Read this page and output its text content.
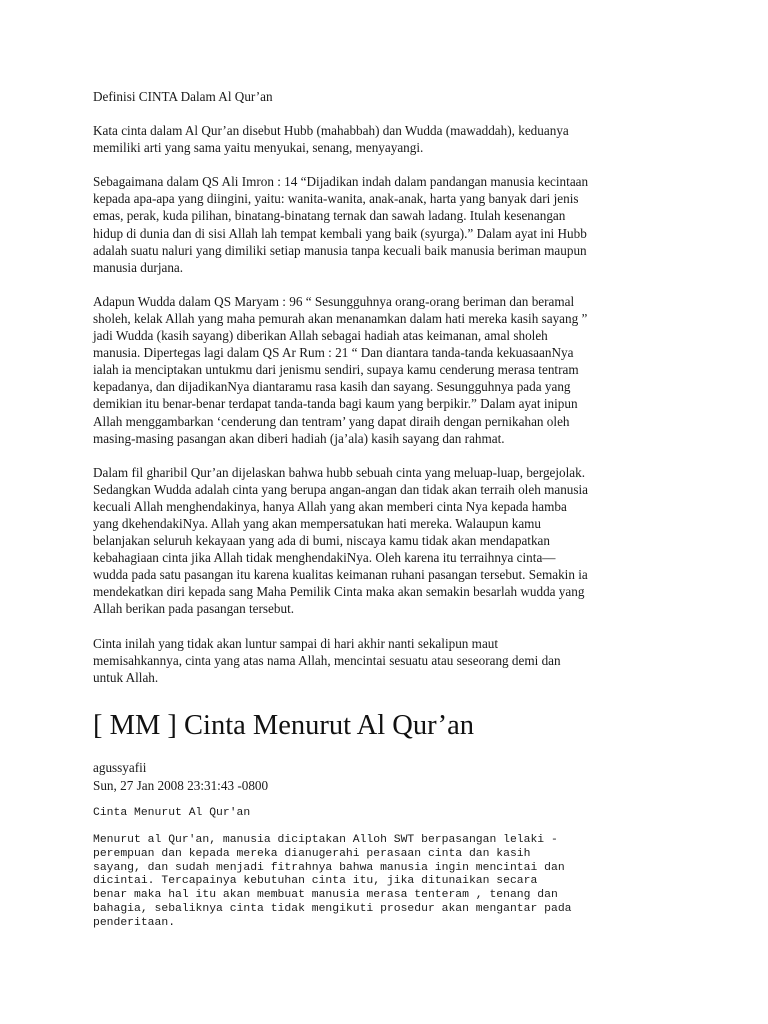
Definisi CINTA Dalam Al Qur’an

Kata cinta dalam Al Qur’an disebut Hubb (mahabbah) dan Wudda (mawaddah), keduanya
memiliki arti yang sama yaitu menyukai, senang, menyayangi.

Sebagaimana dalam QS Ali Imron : 14 “Dijadikan indah dalam pandangan manusia kecintaan
kepada apa-apa yang diingini, yaitu: wanita-wanita, anak-anak, harta yang banyak dari jenis
emas, perak, kuda pilihan, binatang-binatang ternak dan sawah ladang. Itulah kesenangan
hidup di dunia dan di sisi Allah lah tempat kembali yang baik (syurga).” Dalam ayat ini Hubb
adalah suatu naluri yang dimiliki setiap manusia tanpa kecuali baik manusia beriman maupun
manusia durjana.

Adapun Wudda dalam QS Maryam : 96 “ Sesungguhnya orang-orang beriman dan beramal
sholeh, kelak Allah yang maha pemurah akan menanamkan dalam hati mereka kasih sayang ”
jadi Wudda (kasih sayang) diberikan Allah sebagai hadiah atas keimanan, amal sholeh
manusia. Dipertegas lagi dalam QS Ar Rum : 21 “ Dan diantara tanda-tanda kekuasaanNya
ialah ia menciptakan untukmu dari jenismu sendiri, supaya kamu cenderung merasa tentram
kepadanya, dan dijadikanNya diantaramu rasa kasih dan sayang. Sesungguhnya pada yang
demikian itu benar-benar terdapat tanda-tanda bagi kaum yang berpikir.” Dalam ayat inipun
Allah menggambarkan ‘cenderung dan tentram’ yang dapat diraih dengan pernikahan oleh
masing-masing pasangan akan diberi hadiah (ja’ala) kasih sayang dan rahmat.

Dalam fil gharibil Qur’an dijelaskan bahwa hubb sebuah cinta yang meluap-luap, bergejolak.
Sedangkan Wudda adalah cinta yang berupa angan-angan dan tidak akan terraih oleh manusia
kecuali Allah menghendakinya, hanya Allah yang akan memberi cinta Nya kepada hamba
yang dkehendakiNya. Allah yang akan mempersatukan hati mereka. Walaupun kamu
belanjakan seluruh kekayaan yang ada di bumi, niscaya kamu tidak akan mendapatkan
kebahagiaan cinta jika Allah tidak menghendakiNya. Oleh karena itu terraihnya cinta—
wudda pada satu pasangan itu karena kualitas keimanan ruhani pasangan tersebut. Semakin ia
mendekatkan diri kepada sang Maha Pemilik Cinta maka akan semakin besarlah wudda yang
Allah berikan pada pasangan tersebut.

Cinta inilah yang tidak akan luntur sampai di hari akhir nanti sekalipun maut
memisahkannya, cinta yang atas nama Allah, mencintai sesuatu atau seseorang demi dan
untuk Allah.

[ MM ] Cinta Menurut Al Qur’an
agussyafii
Sun, 27 Jan 2008 23:31:43 -0800

Cinta Menurut Al Qur'an

Menurut al Qur'an, manusia diciptakan Alloh SWT berpasangan lelaki -
perempuan dan kepada mereka dianugerahi perasaan cinta dan kasih
sayang, dan sudah menjadi fitrahnya bahwa manusia ingin mencintai dan
dicintai. Tercapainya kebutuhan cinta itu, jika ditunaikan secara
benar maka hal itu akan membuat manusia merasa tenteram , tenang dan
bahagia, sebaliknya cinta tidak mengikuti prosedur akan mengantar pada
penderitaan.
